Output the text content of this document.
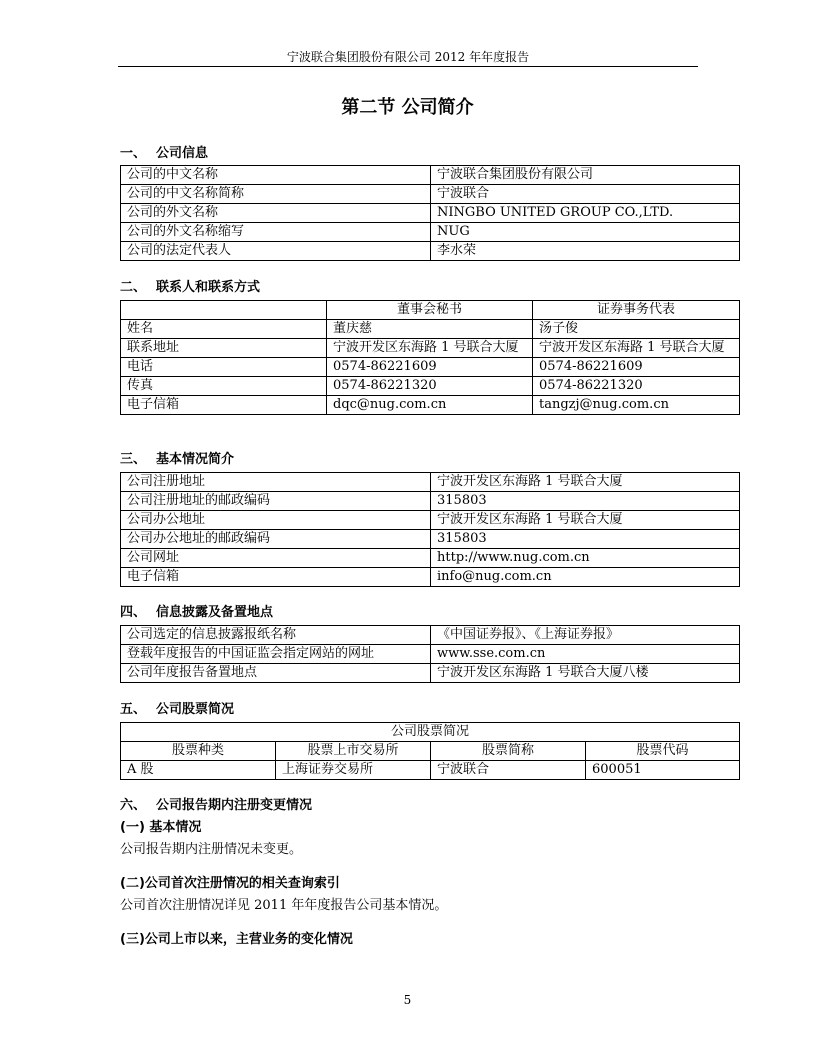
宁波联合集团股份有限公司 2012 年年度报告
第二节 公司简介
一、 公司信息
公司的中文名称	宁波联合集团股份有限公司
公司的中文名称简称	宁波联合
公司的外文名称	NINGBO UNITED GROUP CO.,LTD.
公司的外文名称缩写	NUG
公司的法定代表人	李水荣
二、 联系人和联系方式
	董事会秘书	证券事务代表
姓名	董庆慈	汤子俊
联系地址	宁波开发区东海路 1 号联合大厦	宁波开发区东海路 1 号联合大厦
电话	0574-86221609	0574-86221609
传真	0574-86221320	0574-86221320
电子信箱	dqc@nug.com.cn	tangzj@nug.com.cn
三、 基本情况简介
公司注册地址	宁波开发区东海路 1 号联合大厦
公司注册地址的邮政编码	315803
公司办公地址	宁波开发区东海路 1 号联合大厦
公司办公地址的邮政编码	315803
公司网址	http://www.nug.com.cn
电子信箱	info@nug.com.cn
四、 信息披露及备置地点
公司选定的信息披露报纸名称	《中国证券报》、《上海证券报》
登载年度报告的中国证监会指定网站的网址	www.sse.com.cn
公司年度报告备置地点	宁波开发区东海路 1 号联合大厦八楼
五、 公司股票简况
公司股票简况			
股票种类	股票上市交易所	股票简称	股票代码
A 股	上海证券交易所	宁波联合	600051
六、 公司报告期内注册变更情况
(一) 基本情况
公司报告期内注册情况未变更。
(二)公司首次注册情况的相关查询索引
公司首次注册情况详见 2011 年年度报告公司基本情况。
(三)公司上市以来，主营业务的变化情况
5
